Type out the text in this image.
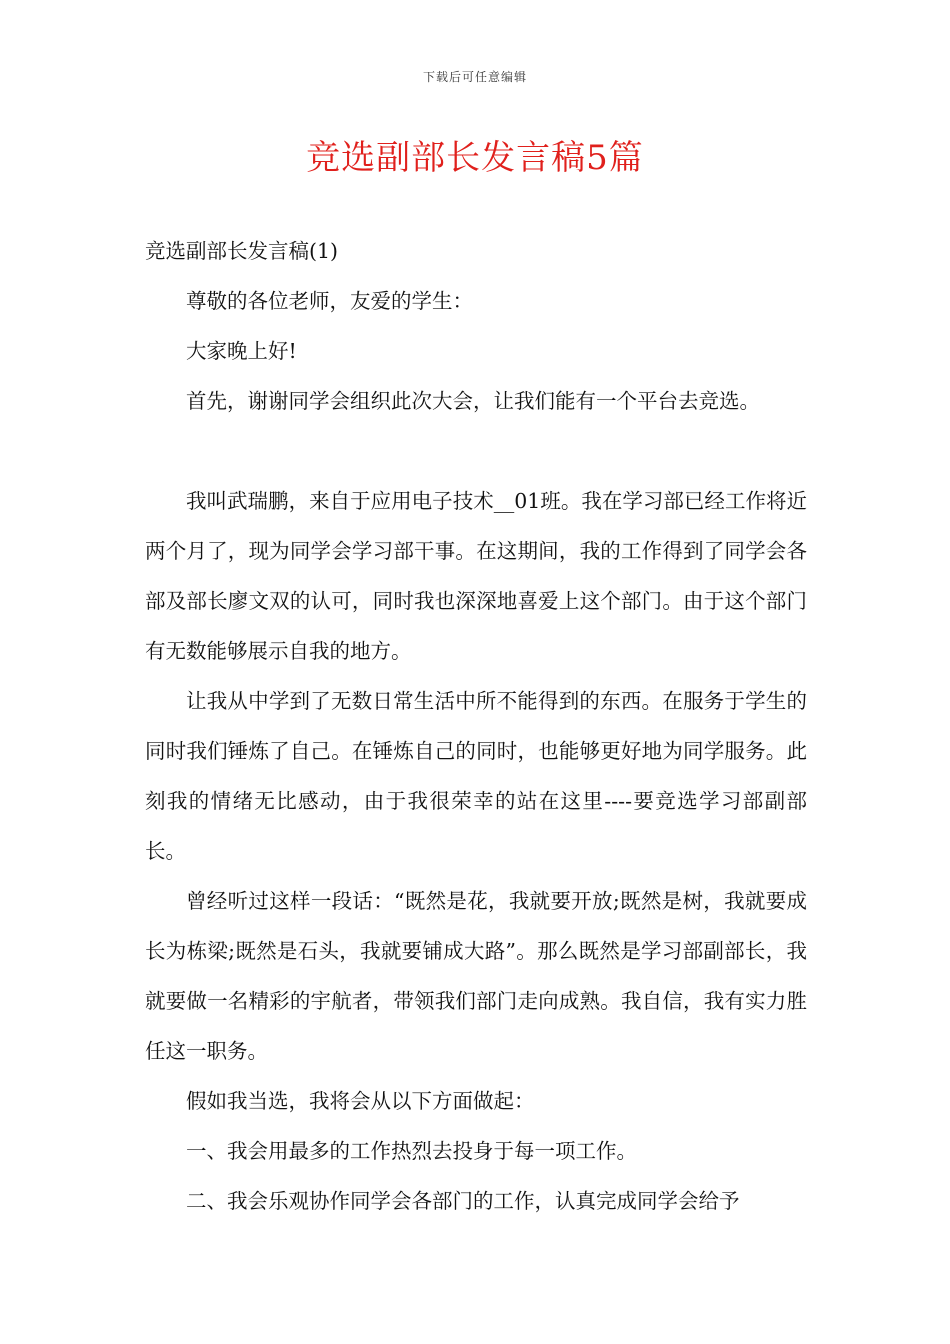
下载后可任意编辑
竞选副部长发言稿5篇

竞选副部长发言稿(1)

尊敬的各位老师，友爱的学生：

大家晚上好!

首先，谢谢同学会组织此次大会，让我们能有一个平台去竞选。

我叫武瑞鹏，来自于应用电子技术__01班。我在学习部已经工作将近两个月了，现为同学会学习部干事。在这期间，我的工作得到了同学会各部及部长廖文双的认可，同时我也深深地喜爱上这个部门。由于这个部门有无数能够展示自我的地方。

让我从中学到了无数日常生活中所不能得到的东西。在服务于学生的同时我们锤炼了自己。在锤炼自己的同时，也能够更好地为同学服务。此刻我的情绪无比感动，由于我很荣幸的站在这里----要竞选学习部副部长。

曾经听过这样一段话：“既然是花，我就要开放;既然是树，我就要成长为栋梁;既然是石头，我就要铺成大路”。那么既然是学习部副部长，我就要做一名精彩的宇航者，带领我们部门走向成熟。我自信，我有实力胜任这一职务。

假如我当选，我将会从以下方面做起：

一、我会用最多的工作热烈去投身于每一项工作。

二、我会乐观协作同学会各部门的工作，认真完成同学会给予
